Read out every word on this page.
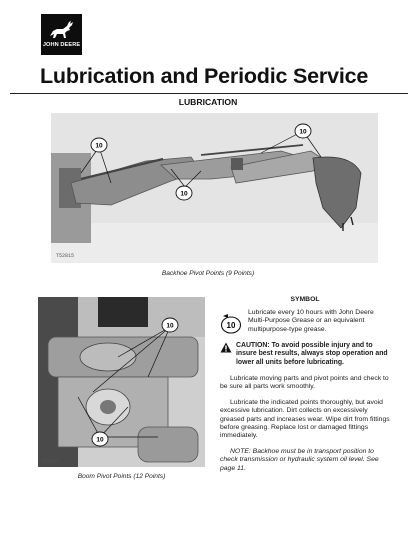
JOHN DEERE
Lubrication and Periodic Service
LUBRICATION
10
10
10
T52815
Backhoe Pivot Points (9 Points)
10
10
T52817
Boom Pivot Points (12 Points)
SYMBOL
10
Lubricate every 10 hours with John Deere Multi-Purpose Grease or an equivalent multipurpose-type grease.
CAUTION: To avoid possible injury and to insure best results, always stop operation and lower all units before lubricating.

Lubricate moving parts and pivot points and check to be sure all parts work smoothly.

Lubricate the indicated points thoroughly, but avoid excessive lubrication. Dirt collects on excessively greased parts and increases wear. Wipe dirt from fittings before greasing. Replace lost or damaged fittings immediately.

NOTE: Backhoe must be in transport position to check transmission or hydraulic system oil level. See page 11.
